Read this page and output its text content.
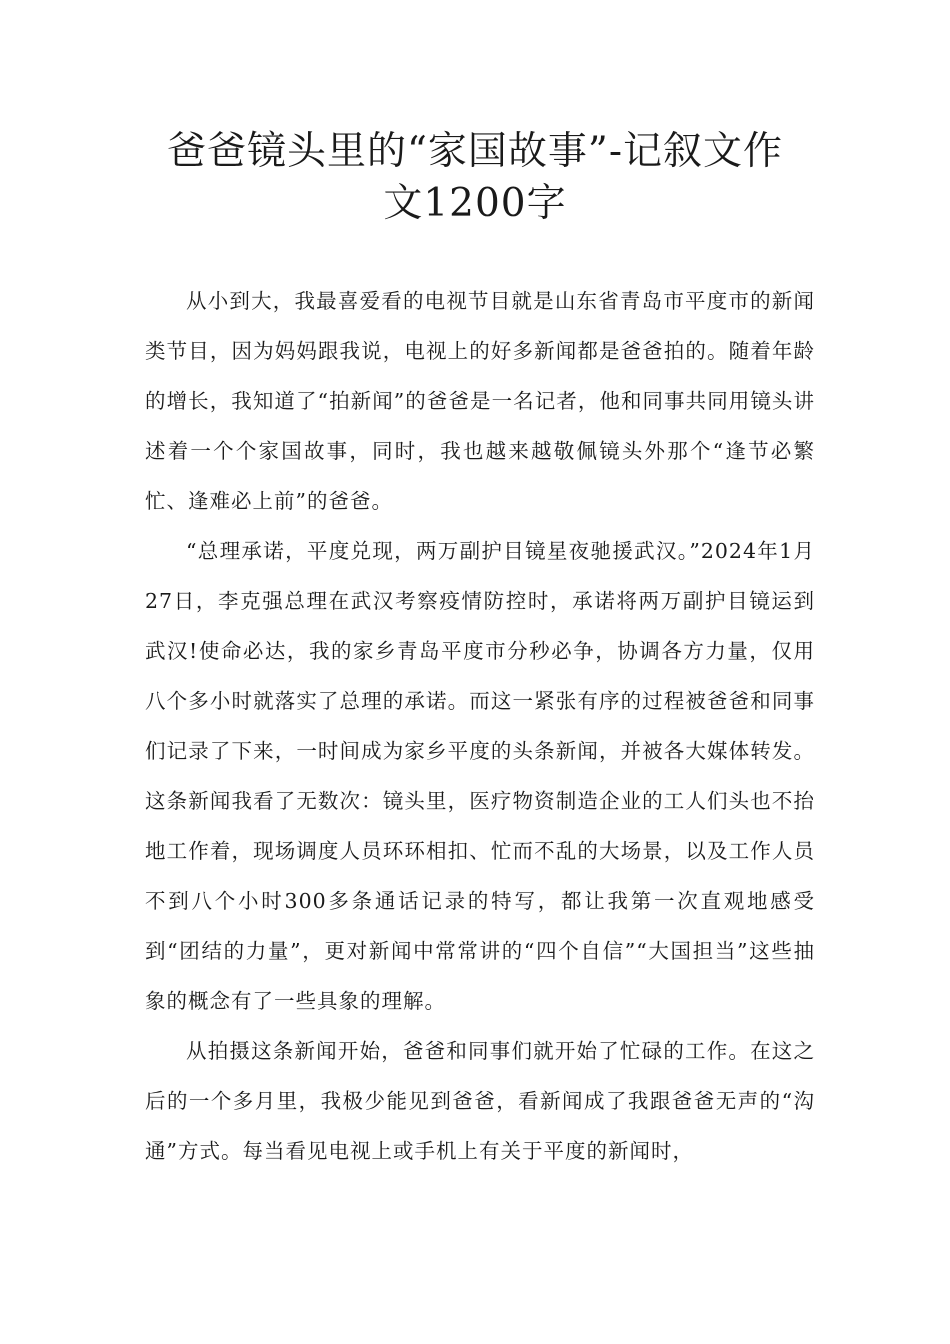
爸爸镜头里的“家国故事”-记叙文作
文1200字

从小到大，我最喜爱看的电视节目就是山东省青岛市平度市的新闻类节目，因为妈妈跟我说，电视上的好多新闻都是爸爸拍的。随着年龄的增长，我知道了“拍新闻”的爸爸是一名记者，他和同事共同用镜头讲述着一个个家国故事，同时，我也越来越敬佩镜头外那个“逢节必繁忙、逢难必上前”的爸爸。

“总理承诺，平度兑现，两万副护目镜星夜驰援武汉。”2024年1月27日，李克强总理在武汉考察疫情防控时，承诺将两万副护目镜运到武汉!使命必达，我的家乡青岛平度市分秒必争，协调各方力量，仅用八个多小时就落实了总理的承诺。而这一紧张有序的过程被爸爸和同事们记录了下来，一时间成为家乡平度的头条新闻，并被各大媒体转发。这条新闻我看了无数次：镜头里，医疗物资制造企业的工人们头也不抬地工作着，现场调度人员环环相扣、忙而不乱的大场景，以及工作人员不到八个小时300多条通话记录的特写，都让我第一次直观地感受到“团结的力量”，更对新闻中常常讲的“四个自信”“大国担当”这些抽象的概念有了一些具象的理解。

从拍摄这条新闻开始，爸爸和同事们就开始了忙碌的工作。在这之后的一个多月里，我极少能见到爸爸，看新闻成了我跟爸爸无声的“沟通”方式。每当看见电视上或手机上有关于平度的新闻时，
